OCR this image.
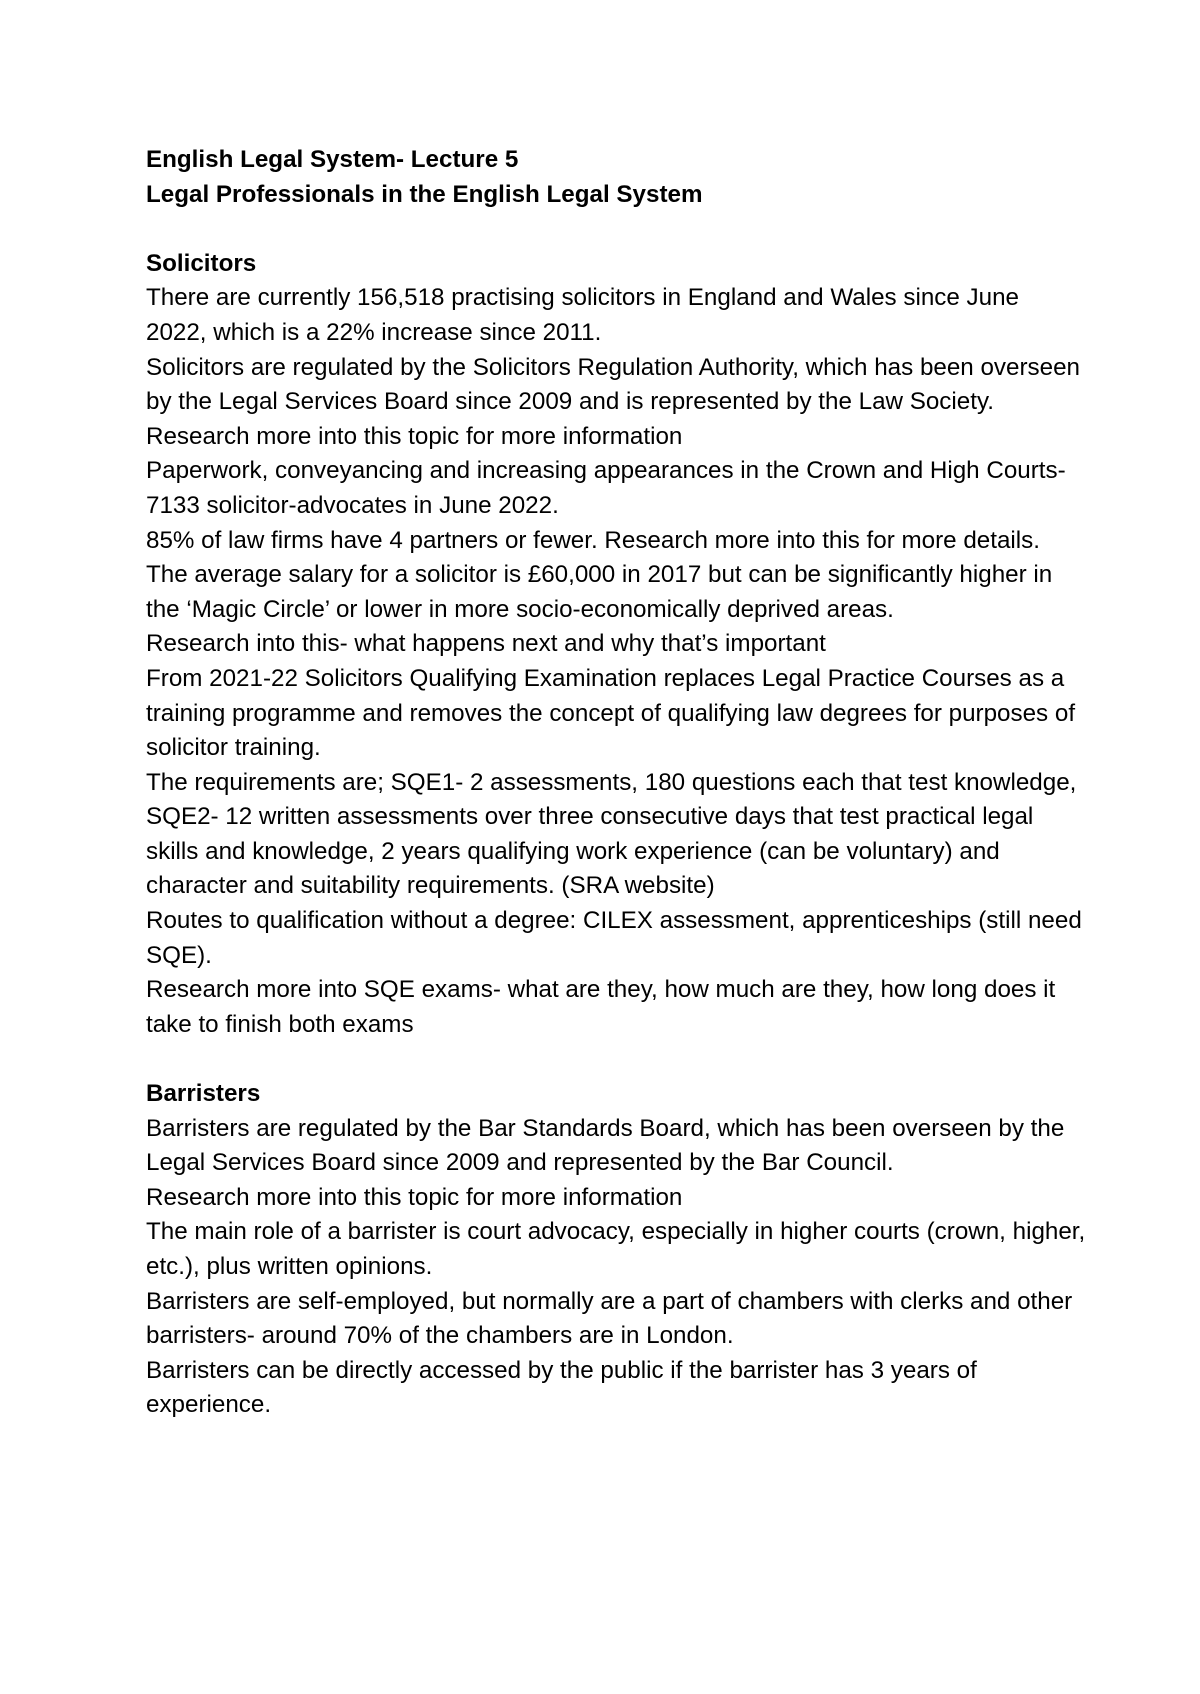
English Legal System- Lecture 5
Legal Professionals in the English Legal System
Solicitors

There are currently 156,518 practising solicitors in England and Wales since June 2022, which is a 22% increase since 2011.

Solicitors are regulated by the Solicitors Regulation Authority, which has been overseen by the Legal Services Board since 2009 and is represented by the Law Society. Research more into this topic for more information

Paperwork, conveyancing and increasing appearances in the Crown and High Courts- 7133 solicitor-advocates in June 2022.

85% of law firms have 4 partners or fewer. Research more into this for more details.

The average salary for a solicitor is £60,000 in 2017 but can be significantly higher in the ‘Magic Circle’ or lower in more socio-economically deprived areas.

Research into this- what happens next and why that’s important

From 2021-22 Solicitors Qualifying Examination replaces Legal Practice Courses as a training programme and removes the concept of qualifying law degrees for purposes of solicitor training.

The requirements are; SQE1- 2 assessments, 180 questions each that test knowledge, SQE2- 12 written assessments over three consecutive days that test practical legal skills and knowledge, 2 years qualifying work experience (can be voluntary) and character and suitability requirements. (SRA website)

Routes to qualification without a degree: CILEX assessment, apprenticeships (still need SQE).

Research more into SQE exams- what are they, how much are they, how long does it take to finish both exams

Barristers

Barristers are regulated by the Bar Standards Board, which has been overseen by the Legal Services Board since 2009 and represented by the Bar Council.

Research more into this topic for more information

The main role of a barrister is court advocacy, especially in higher courts (crown, higher, etc.), plus written opinions.

Barristers are self-employed, but normally are a part of chambers with clerks and other barristers- around 70% of the chambers are in London.

Barristers can be directly accessed by the public if the barrister has 3 years of experience.
